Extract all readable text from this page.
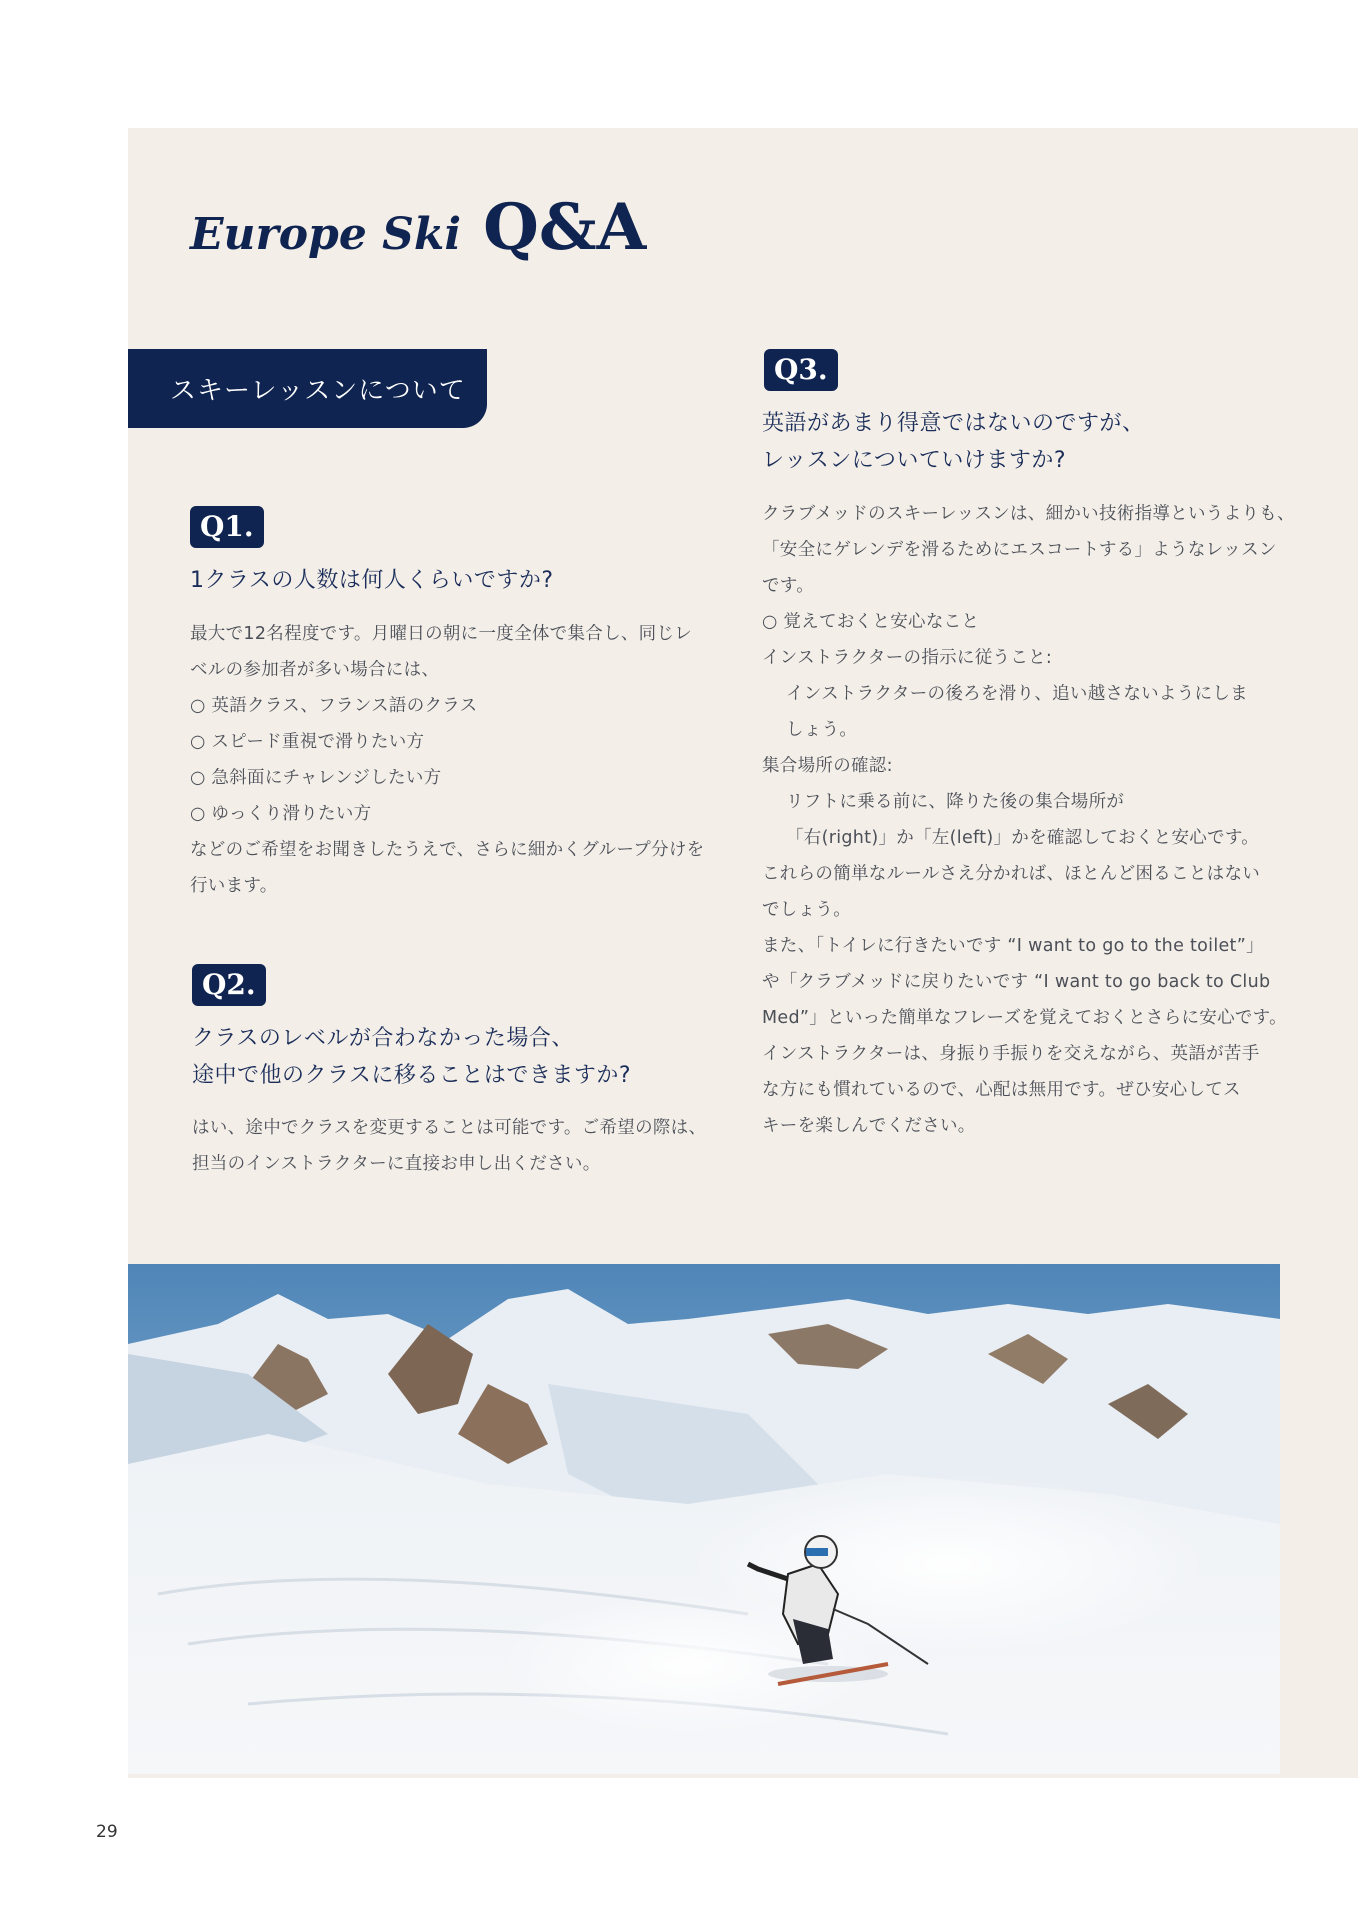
Europe Ski Q&A
スキーレッスンについて
Q1.
1クラスの人数は何人くらいですか?
最大で12名程度です。月曜日の朝に一度全体で集合し、同じレ
ベルの参加者が多い場合には、
○ 英語クラス、フランス語のクラス
○ スピード重視で滑りたい方
○ 急斜面にチャレンジしたい方
○ ゆっくり滑りたい方
などのご希望をお聞きしたうえで、さらに細かくグループ分けを
行います。
Q2.
クラスのレベルが合わなかった場合、
途中で他のクラスに移ることはできますか?
はい、途中でクラスを変更することは可能です。ご希望の際は、
担当のインストラクターに直接お申し出ください。
Q3.
英語があまり得意ではないのですが、
レッスンについていけますか?
クラブメッドのスキーレッスンは、細かい技術指導というよりも、
「安全にゲレンデを滑るためにエスコートする」ようなレッスン
です。
○ 覚えておくと安心なこと
インストラクターの指示に従うこと:
インストラクターの後ろを滑り、追い越さないようにしま
しょう。
集合場所の確認:
リフトに乗る前に、降りた後の集合場所が
「右(right)」か「左(left)」かを確認しておくと安心です。
これらの簡単なルールさえ分かれば、ほとんど困ることはない
でしょう。
また、「トイレに行きたいです “I want to go to the toilet”」
や「クラブメッドに戻りたいです “I want to go back to Club
Med”」といった簡単なフレーズを覚えておくとさらに安心です。
インストラクターは、身振り手振りを交えながら、英語が苦手
な方にも慣れているので、心配は無用です。ぜひ安心してス
キーを楽しんでください。
29
